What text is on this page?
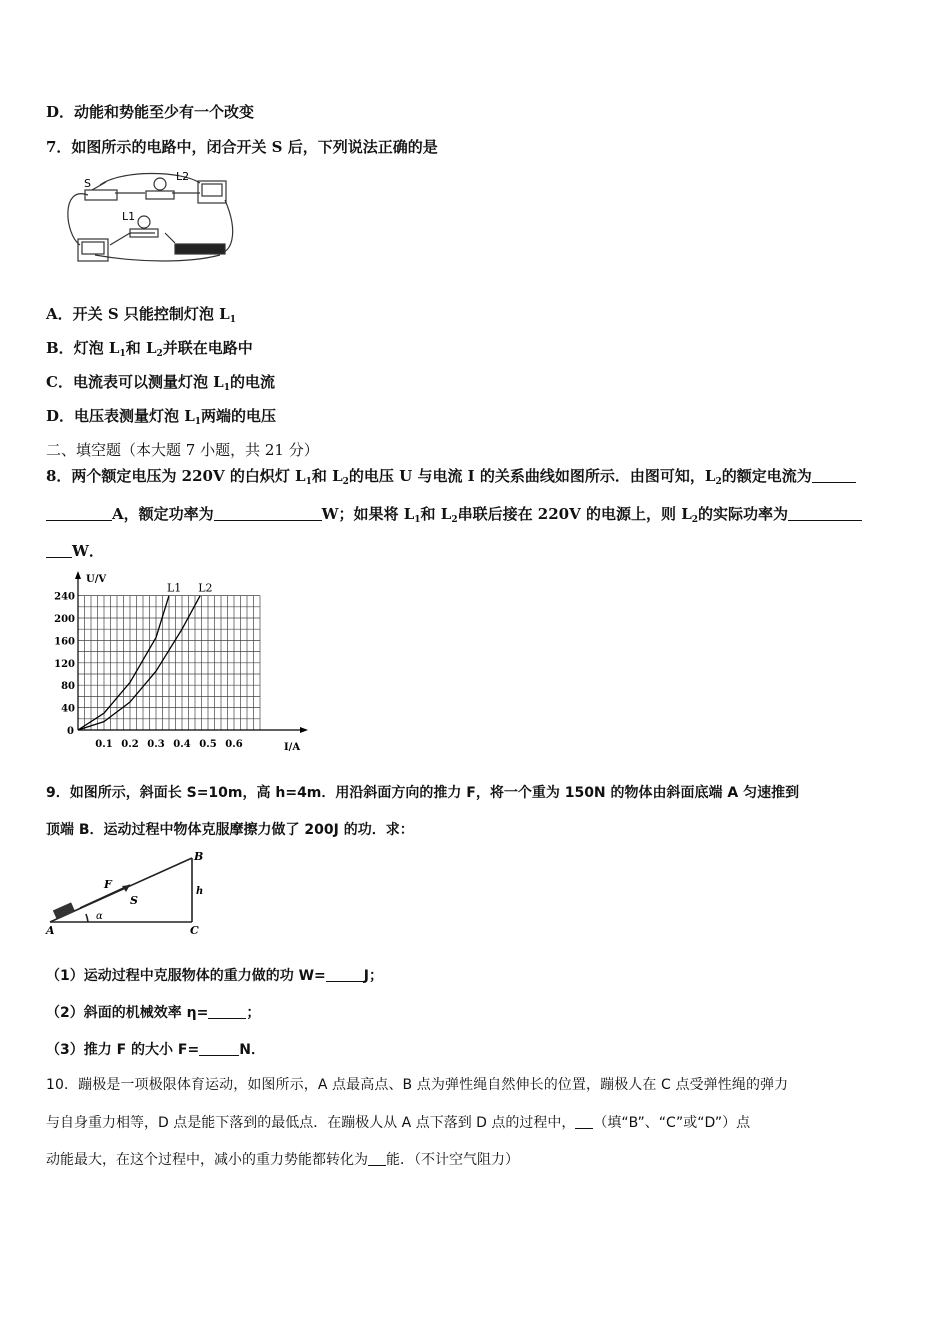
D．动能和势能至少有一个改变
7．如图所示的电路中，闭合开关 S 后，下列说法正确的是
S
L2
L1
A．开关 S 只能控制灯泡 $L_1$
B．灯泡 $L_1$和 $L_2$并联在电路中
C．电流表可以测量灯泡 $L_1$的电流
D．电压表测量灯泡 $L_1$两端的电压
二、填空题（本大题 7 小题，共 21 分）
8．两个额定电压为 220V 的白炽灯 $L_1$和 $L_2$的电压 U 与电流 I 的关系曲线如图所示．由图可知，$L_2$的额定电流为
A，额定功率为	W；如果将 $L_1$和 $L_2$串联后接在 220V 的电源上，则 $L_2$的实际功率为
W．
0.1 0.2 0.3 0.4 0.5 0.6
40
80
120
160
200
240
0
U/V
I/A
L1 L2
9．如图所示，斜面长 S=10m，高 h=4m．用沿斜面方向的推力 F，将一个重为 150N 的物体由斜面底端 A 匀速推到
顶端 B．运动过程中物体克服摩擦力做了 200J 的功．求：
A
B
C
F
S
h
α
（1）运动过程中克服物体的重力做的功 W=	J；
（2）斜面的机械效率 η=	；
（3）推力 F 的大小 F=	N．
10．蹦极是一项极限体育运动，如图所示，A 点最高点、B 点为弹性绳自然伸长的位置，蹦极人在 C 点受弹性绳的弹力
与自身重力相等，D 点是能下落到的最低点．在蹦极人从 A 点下落到 D 点的过程中， （填“B”、“C”或“D”）点
动能最大，在这个过程中，减小的重力势能都转化为 能．（不计空气阻力）
